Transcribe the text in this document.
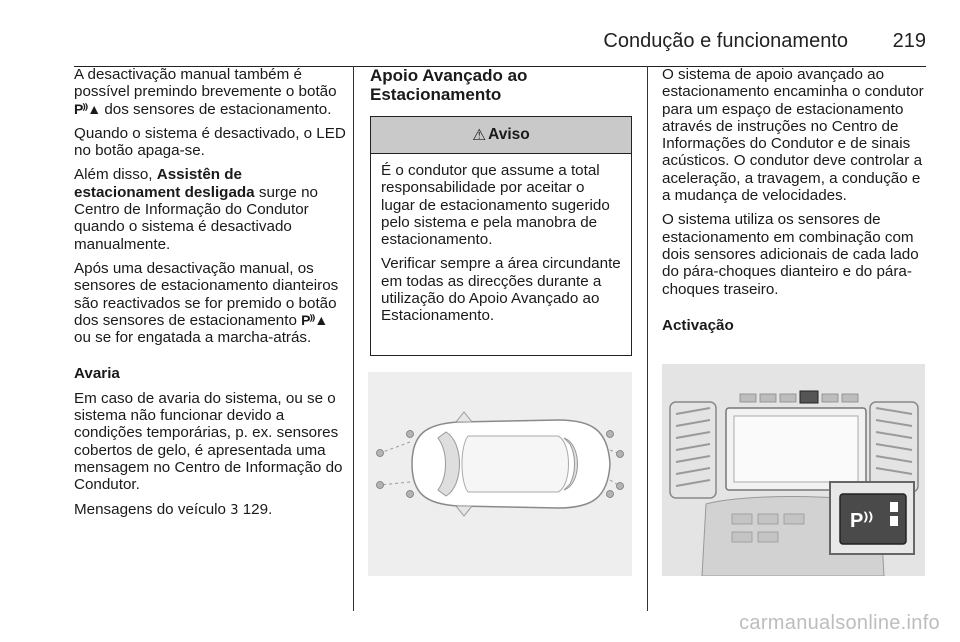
Condução e funcionamento 219

A desactivação manual também é possível premindo brevemente o botão P⁾⁾▲ dos sensores de estacionamento.

Quando o sistema é desactivado, o LED no botão apaga-se.

Além disso, Assistên de estacionament desligada surge no Centro de Informação do Condutor quando o sistema é desactivado manualmente.

Após uma desactivação manual, os sensores de estacionamento dianteiros são reactivados se for premido o botão dos sensores de estacionamento P⁾⁾▲ ou se for engatada a marcha-atrás.

Avaria

Em caso de avaria do sistema, ou se o sistema não funcionar devido a condições temporárias, p. ex. sensores cobertos de gelo, é apresentada uma mensagem no Centro de Informação do Condutor.

Mensagens do veículo 3 129.

Apoio Avançado ao Estacionamento

⚠ Aviso

É o condutor que assume a total responsabilidade por aceitar o lugar de estacionamento sugerido pelo sistema e pela manobra de estacionamento.

Verificar sempre a área circundante em todas as direcções durante a utilização do Apoio Avançado ao Estacionamento.

O sistema de apoio avançado ao estacionamento encaminha o condutor para um espaço de estacionamento através de instruções no Centro de Informações do Condutor e de sinais acústicos. O condutor deve controlar a aceleração, a travagem, a condução e a mudança de velocidades.

O sistema utiliza os sensores de estacionamento em combinação com dois sensores adicionais de cada lado do pára-choques dianteiro e do pára-choques traseiro.

Activação

P⁾⁾
carmanualsonline.info
